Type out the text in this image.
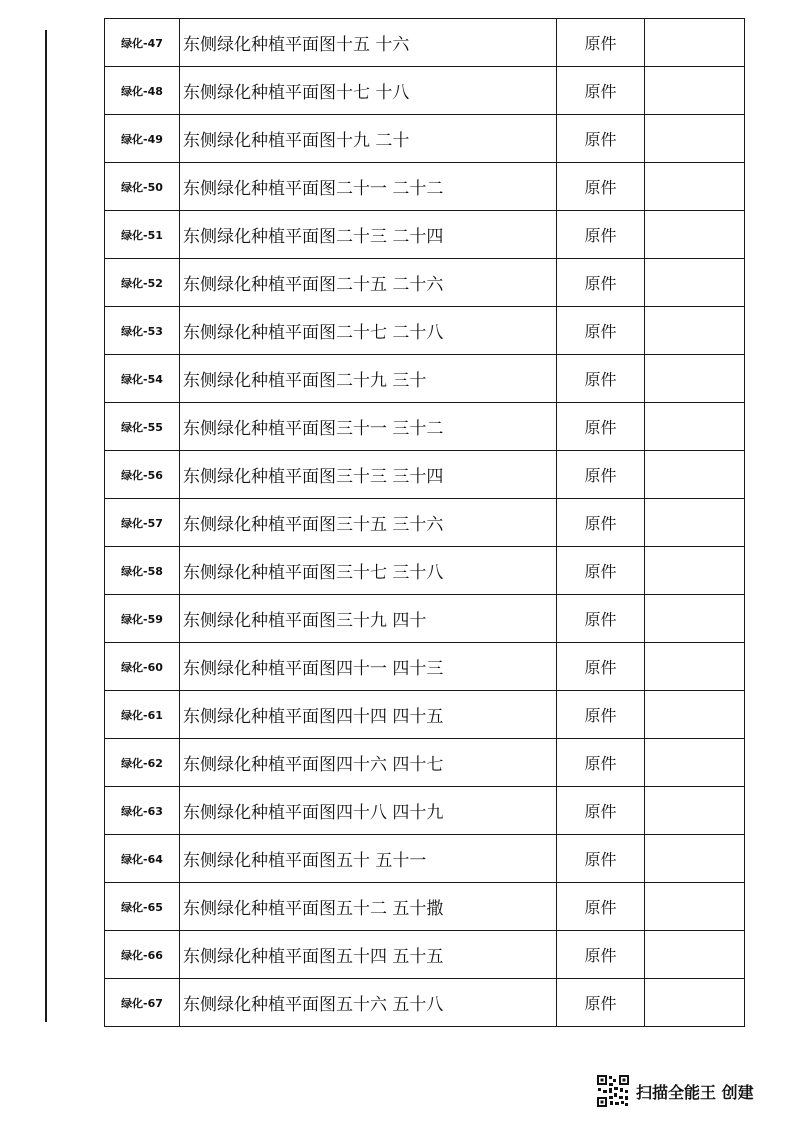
绿化-47	东侧绿化种植平面图十五 十六	原件	
绿化-48	东侧绿化种植平面图十七 十八	原件	
绿化-49	东侧绿化种植平面图十九 二十	原件	
绿化-50	东侧绿化种植平面图二十一 二十二	原件	
绿化-51	东侧绿化种植平面图二十三 二十四	原件	
绿化-52	东侧绿化种植平面图二十五 二十六	原件	
绿化-53	东侧绿化种植平面图二十七 二十八	原件	
绿化-54	东侧绿化种植平面图二十九 三十	原件	
绿化-55	东侧绿化种植平面图三十一 三十二	原件	
绿化-56	东侧绿化种植平面图三十三 三十四	原件	
绿化-57	东侧绿化种植平面图三十五 三十六	原件	
绿化-58	东侧绿化种植平面图三十七 三十八	原件	
绿化-59	东侧绿化种植平面图三十九 四十	原件	
绿化-60	东侧绿化种植平面图四十一 四十三	原件	
绿化-61	东侧绿化种植平面图四十四 四十五	原件	
绿化-62	东侧绿化种植平面图四十六 四十七	原件	
绿化-63	东侧绿化种植平面图四十八 四十九	原件	
绿化-64	东侧绿化种植平面图五十 五十一	原件	
绿化-65	东侧绿化种植平面图五十二 五十撒	原件	
绿化-66	东侧绿化种植平面图五十四 五十五	原件	
绿化-67	东侧绿化种植平面图五十六 五十八	原件	
扫描全能王 创建
